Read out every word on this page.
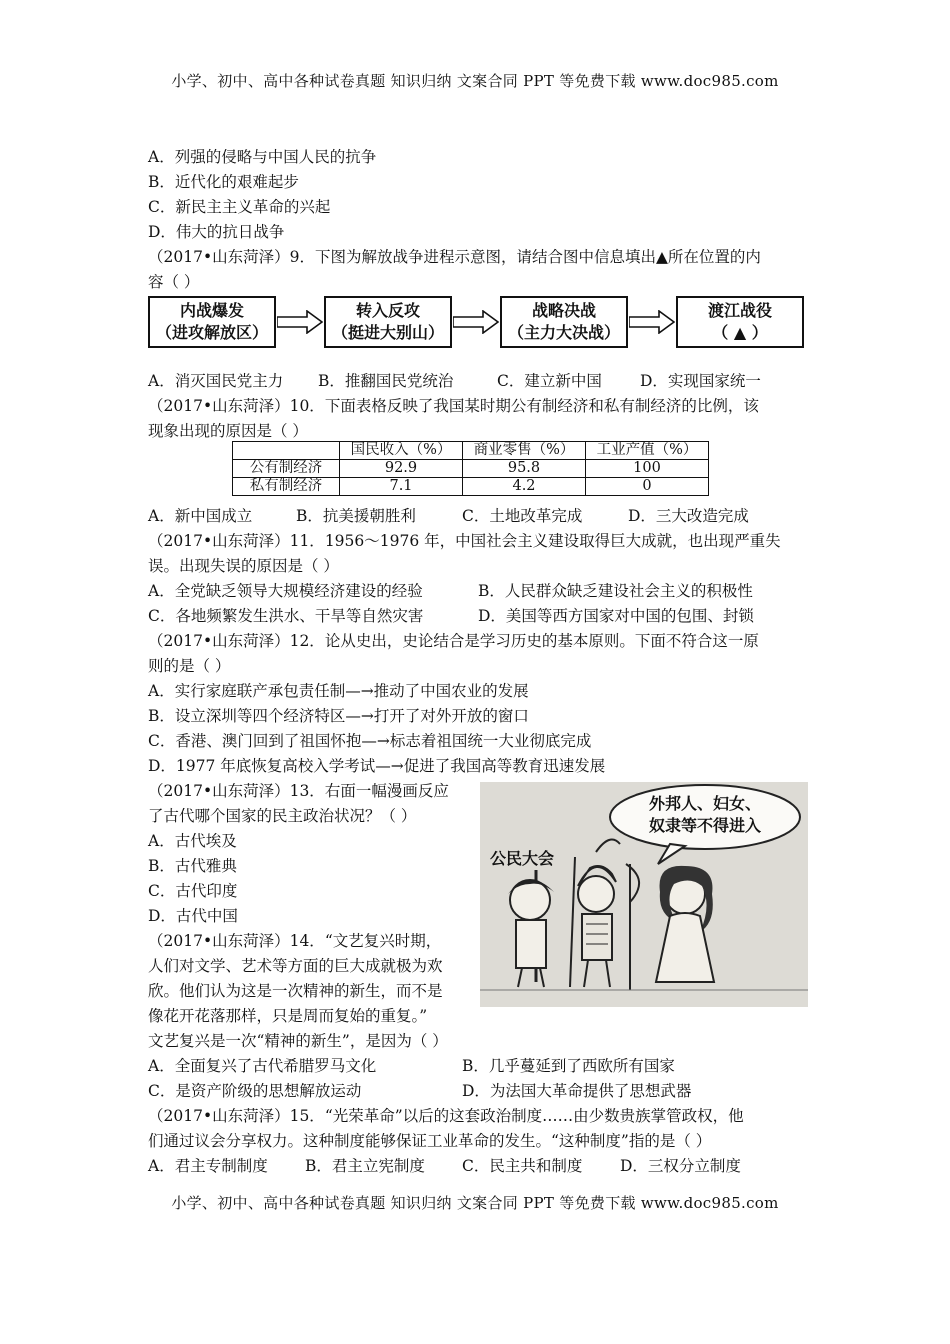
小学、初中、高中各种试卷真题 知识归纳 文案合同 PPT 等免费下载 www.doc985.com
A．列强的侵略与中国人民的抗争
B．近代化的艰难起步
C．新民主主义革命的兴起
D．伟大的抗日战争
（2017•山东菏泽）9．下图为解放战争进程示意图，请结合图中信息填出▲所在位置的内
容（ ）
内战爆发
（进攻解放区）
转入反攻
（挺进大别山）
战略决战
（主力大决战）
渡江战役
（ ▲ ）
A．消灭国民党主力 B．推翻国民党统治	C．建立新中国 D．实现国家统一
（2017•山东菏泽）10．下面表格反映了我国某时期公有制经济和私有制经济的比例，该
现象出现的原因是（ ）
	国民收入（%）	商业零售（%）	工业产值（%）
公有制经济	92.9	95.8	100
私有制经济	7.1	4.2	0
A．新中国成立	B．抗美援朝胜利	C．土地改革完成	D．三大改造完成
（2017•山东菏泽）11．1956～1976 年，中国社会主义建设取得巨大成就，也出现严重失
误。出现失误的原因是（ ）
A．全党缺乏领导大规模经济建设的经验	B．人民群众缺乏建设社会主义的积极性
C．各地频繁发生洪水、干旱等自然灾害	D．美国等西方国家对中国的包围、封锁
（2017•山东菏泽）12．论从史出，史论结合是学习历史的基本原则。下面不符合这一原
则的是（ ）
A．实行家庭联产承包责任制—→推动了中国农业的发展
B．设立深圳等四个经济特区—→打开了对外开放的窗口
C．香港、澳门回到了祖国怀抱—→标志着祖国统一大业彻底完成
D．1977 年底恢复高校入学考试—→促进了我国高等教育迅速发展
（2017•山东菏泽）13．右面一幅漫画反应
了古代哪个国家的民主政治状况？（ ）
A．古代埃及
B．古代雅典
C．古代印度
D．古代中国
公民大会
外邦人、妇女、
奴隶等不得进入
（2017•山东菏泽）14．“文艺复兴时期，
人们对文学、艺术等方面的巨大成就极为欢
欣。他们认为这是一次精神的新生，而不是
像花开花落那样，只是周而复始的重复。”
文艺复兴是一次“精神的新生”，是因为（ ）
A．全面复兴了古代希腊罗马文化	B．几乎蔓延到了西欧所有国家
C．是资产阶级的思想解放运动	D．为法国大革命提供了思想武器
（2017•山东菏泽）15．“光荣革命”以后的这套政治制度……由少数贵族掌管政权，他
们通过议会分享权力。这种制度能够保证工业革命的发生。“这种制度”指的是（ ）
A．君主专制制度 B．君主立宪制度 C．民主共和制度 D．三权分立制度
小学、初中、高中各种试卷真题 知识归纳 文案合同 PPT 等免费下载 www.doc985.com
